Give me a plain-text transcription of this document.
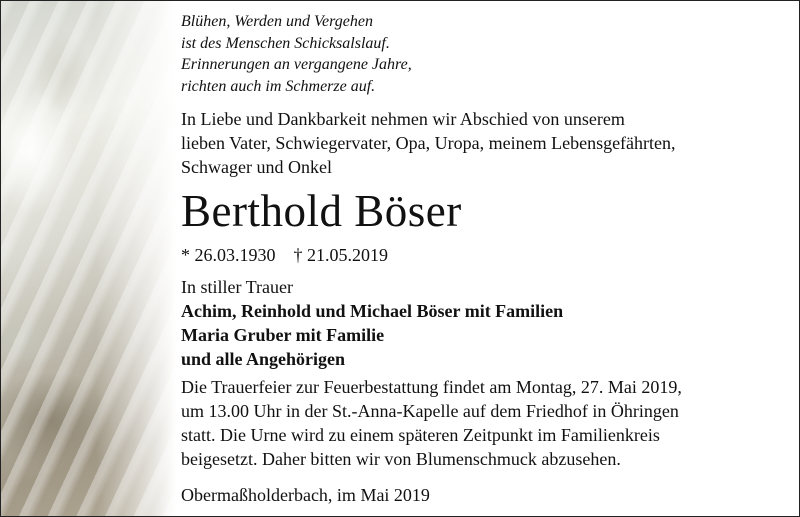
Blühen, Werden und Vergehen
ist des Menschen Schicksalslauf.
Erinnerungen an vergangene Jahre,
richten auch im Schmerze auf.
In Liebe und Dankbarkeit nehmen wir Abschied von unserem
lieben Vater, Schwiegervater, Opa, Uropa, meinem Lebensgefährten,
Schwager und Onkel
Berthold Böser
* 26.03.1930 † 21.05.2019
In stiller Trauer
Achim, Reinhold und Michael Böser mit Familien
Maria Gruber mit Familie
und alle Angehörigen
Die Trauerfeier zur Feuerbestattung findet am Montag, 27. Mai 2019,
um 13.00 Uhr in der St.-Anna-Kapelle auf dem Friedhof in Öhringen
statt. Die Urne wird zu einem späteren Zeitpunkt im Familienkreis
beigesetzt. Daher bitten wir von Blumenschmuck abzusehen.
Obermaßholderbach, im Mai 2019
